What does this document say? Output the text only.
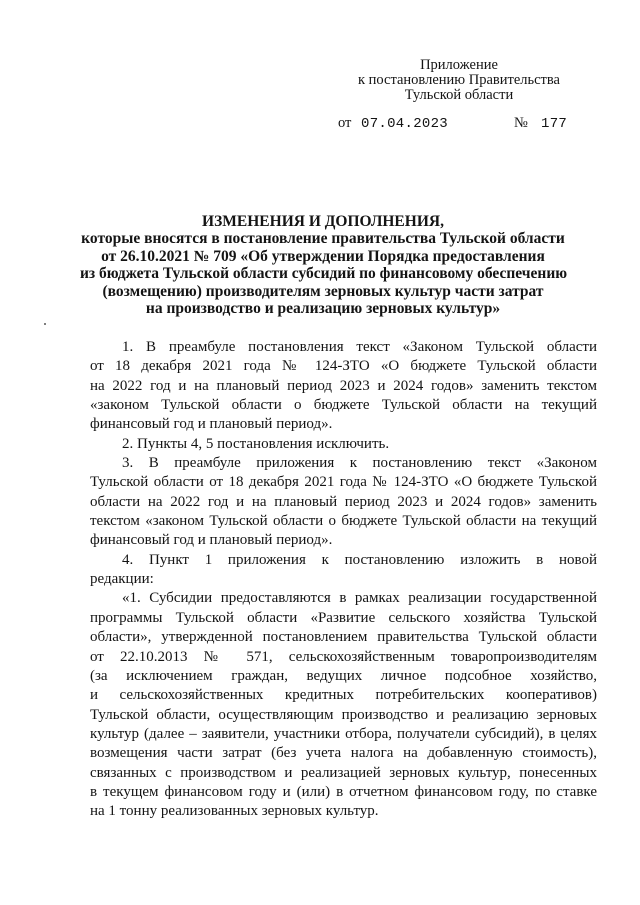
Приложение
к постановлению Правительства
Тульской области
от 07.04.2023	№ 177
ИЗМЕНЕНИЯ И ДОПОЛНЕНИЯ,
которые вносятся в постановление правительства Тульской области
от 26.10.2021 № 709 «Об утверждении Порядка предоставления
из бюджета Тульской области субсидий по финансовому обеспечению
(возмещению) производителям зерновых культур части затрат
на производство и реализацию зерновых культур»
1. В преамбуле постановления текст «Законом Тульской области
от 18 декабря 2021 года № 124-ЗТО «О бюджете Тульской области
на 2022 год и на плановый период 2023 и 2024 годов» заменить текстом
«законом Тульской области о бюджете Тульской области на текущий
финансовый год и плановый период».
2. Пункты 4, 5 постановления исключить.
3. В преамбуле приложения к постановлению текст «Законом
Тульской области от 18 декабря 2021 года № 124-ЗТО «О бюджете Тульской
области на 2022 год и на плановый период 2023 и 2024 годов» заменить
текстом «законом Тульской области о бюджете Тульской области на текущий
финансовый год и плановый период».
4. Пункт 1 приложения к постановлению изложить в новой
редакции:
«1. Субсидии предоставляются в рамках реализации государственной
программы Тульской области «Развитие сельского хозяйства Тульской
области», утвержденной постановлением правительства Тульской области
от 22.10.2013 № 571, сельскохозяйственным товаропроизводителям
(за исключением граждан, ведущих личное подсобное хозяйство,
и сельскохозяйственных кредитных потребительских кооперативов)
Тульской области, осуществляющим производство и реализацию зерновых
культур (далее – заявители, участники отбора, получатели субсидий), в целях
возмещения части затрат (без учета налога на добавленную стоимость),
связанных с производством и реализацией зерновых культур, понесенных
в текущем финансовом году и (или) в отчетном финансовом году, по ставке
на 1 тонну реализованных зерновых культур.
